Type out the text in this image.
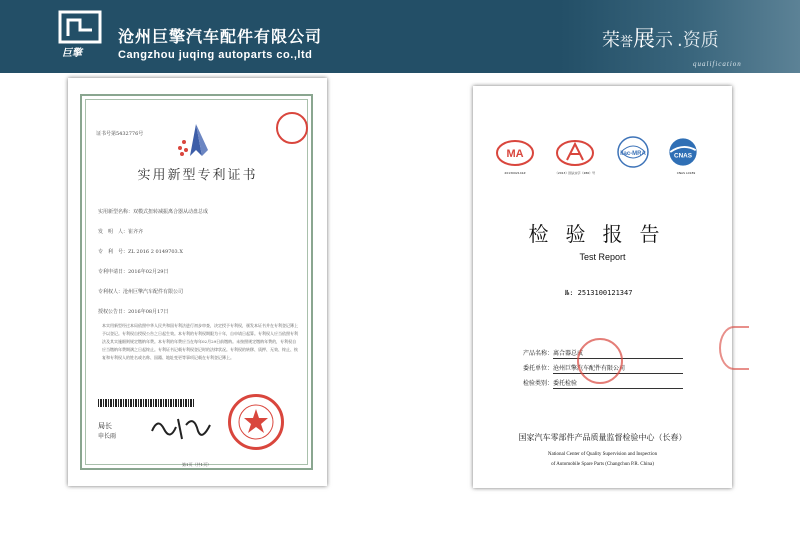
巨擎
沧州巨擎汽车配件有限公司
Cangzhou juqing autoparts co.,ltd
荣誉展示 .资质
qualification
证书号第5432776号
实用新型专利证书
实用新型名称：双模式扭转减振离合器从动盘总成
发　明　人：崔齐齐
专　利　号：ZL 2016 2 0149703.X
专利申请日：2016年02月29日
专利权人：沧州巨擎汽车配件有限公司
授权公告日：2016年08月17日
本实用新型经过本局依照中华人民共和国专利法进行初步审查，决定授予专利权，颁发本证书并在专利登记簿上予以登记。专利权自授权公告之日起生效。本专利的专利权期限为十年，自申请日起算。专利权人应当依照专利法及其实施细则规定缴纳年费。本专利的年费应当在每年02月29日前缴纳。未按照规定缴纳年费的，专利权自应当缴纳年费期满之日起终止。专利证书记载专利权登记时的法律状况。专利权的转移、质押、无效、终止、恢复和专利权人的姓名或名称、国籍、地址变更等事项记载在专利登记簿上。
局长
申长雨
第1页（共1页）
MA	ilac-MRA	CNAS
2013002141Z	（2013）国认实字（286）号	CNAS L0189
检验报告
Test Report
№: 2513100121347
产品名称： 离合器总成
委托单位： 沧州巨擎汽车配件有限公司
检验类别： 委托检验
国家汽车零部件产品质量监督检验中心（长春）
National Center of Quality Supervision and Inspection
of Automobile Spare Parts (Changchun P.R. China)
